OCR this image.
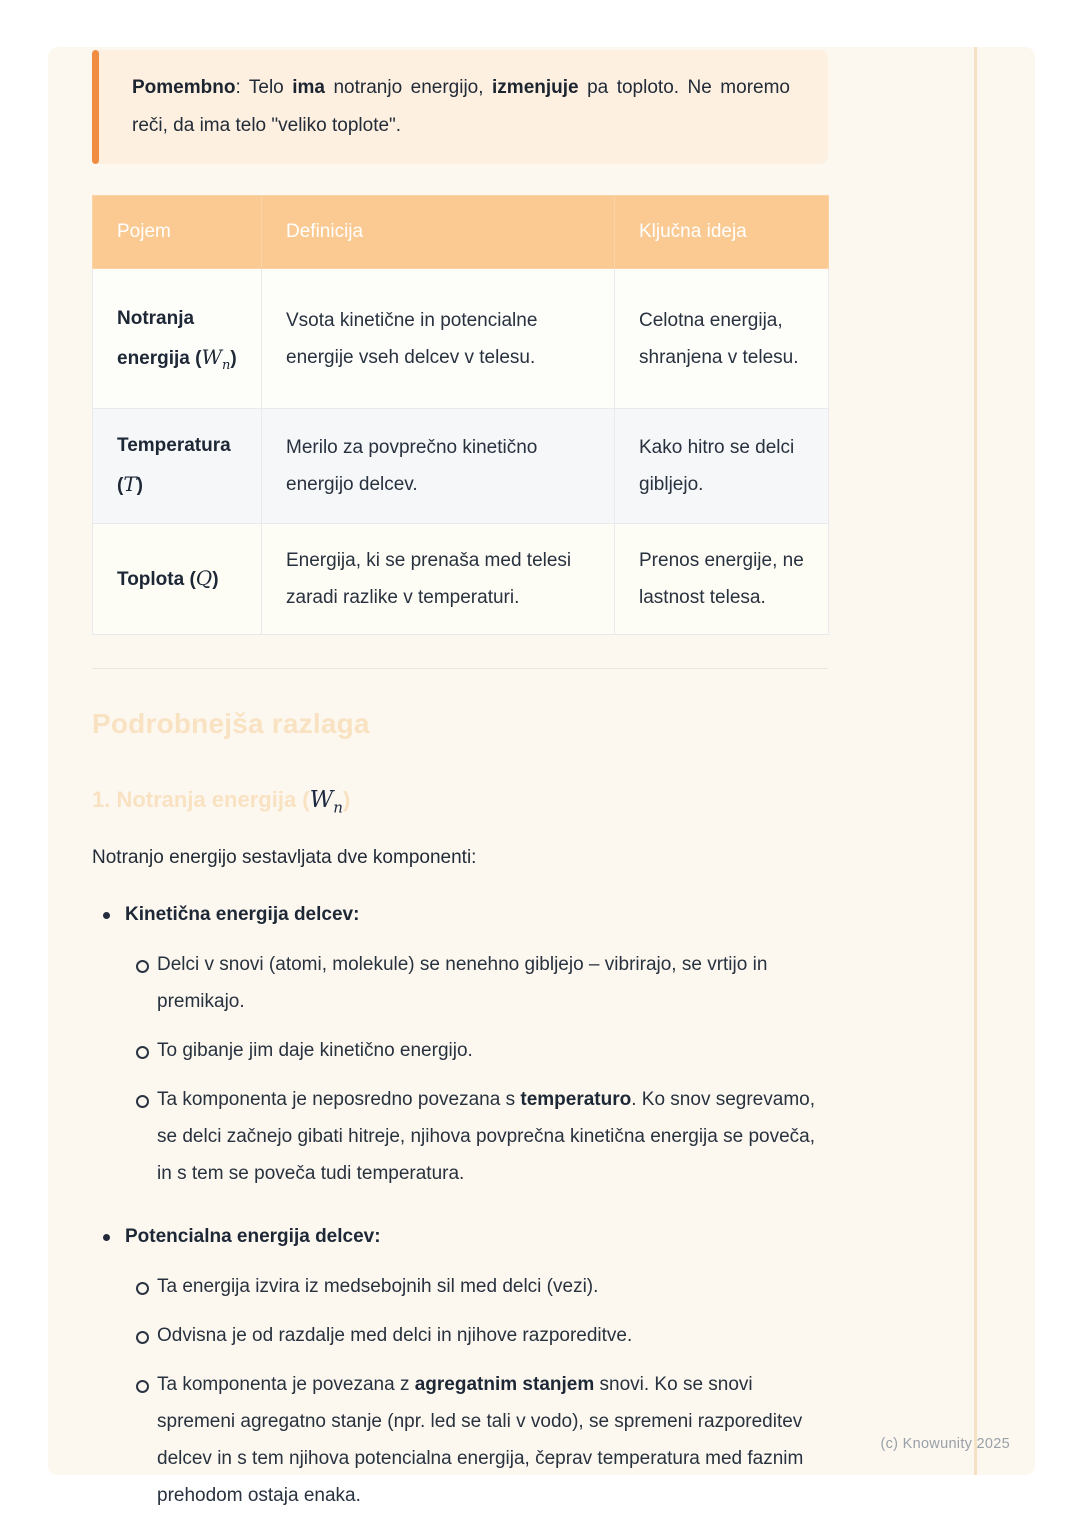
Pomembno: Telo ima notranjo energijo, izmenjuje pa toploto. Ne moremo reči, da ima telo "veliko toplote".

Pojem	Definicija	Ključna ideja
Notranja energija $(W_n)$	Vsota kinetične in potencialne energije vseh delcev v telesu.	Celotna energija, shranjena v telesu.
Temperatura (T)	Merilo za povprečno kinetično energijo delcev.	Kako hitro se delci gibljejo.
Toplota (Q)	Energija, ki se prenaša med telesi zaradi razlike v temperaturi.	Prenos energije, ne lastnost telesa.
Podrobnejša razlaga
1. Notranja energija $(W_n)$

Notranjo energijo sestavljata dve komponenti:

Kinetična energija delcev:
Delci v snovi (atomi, molekule) se nenehno gibljejo – vibrirajo, se vrtijo in premikajo.
To gibanje jim daje kinetično energijo.
Ta komponenta je neposredno povezana s temperaturo. Ko snov segrevamo, se delci začnejo gibati hitreje, njihova povprečna kinetična energija se poveča, in s tem se poveča tudi temperatura.
Potencialna energija delcev:
Ta energija izvira iz medsebojnih sil med delci (vezi).
Odvisna je od razdalje med delci in njihove razporeditve.
Ta komponenta je povezana z agregatnim stanjem snovi. Ko se snovi spremeni agregatno stanje (npr. led se tali v vodo), se spremeni razporeditev delcev in s tem njihova potencialna energija, čeprav temperatura med faznim prehodom ostaja enaka.
(c) Knowunity 2025
